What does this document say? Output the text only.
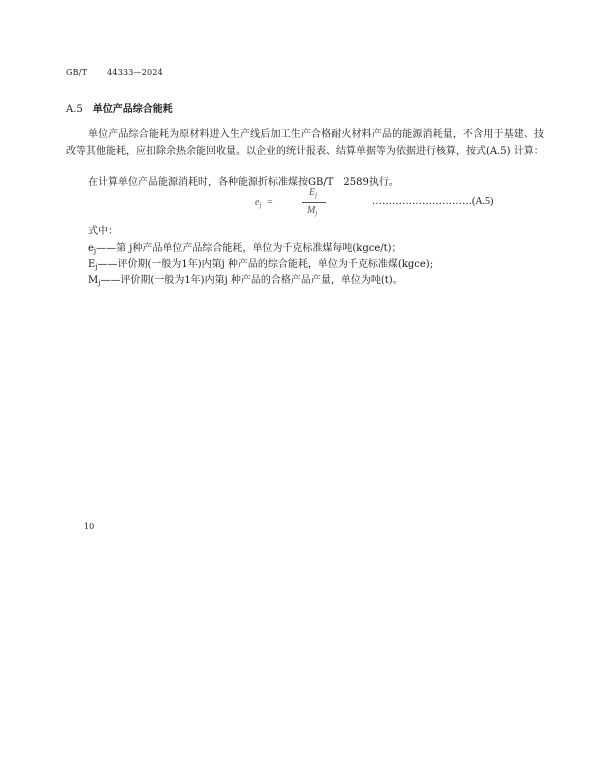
GB/T	44333—2024
A.5 单位产品综合能耗
单位产品综合能耗为原材料进入生产线后加工生产合格耐火材料产品的能源消耗量，不含用于基建、技改等其他能耗，应扣除余热余能回收量。以企业的统计报表、结算单据等为依据进行核算，按式(A.5) 计算：
在计算单位产品能源消耗时，各种能源折标准煤按GB/T　2589执行。
$e_j$ =
$E_j$
$M_j$
…………………………(A.5)
式中：
$e_j——$第 j种产品单位产品综合能耗，单位为千克标准煤每吨(kgce/t)；
$E_j——$评价期(一般为1年)内第j 种产品的综合能耗，单位为千克标准煤(kgce);
$M_j——$评价期(一般为1年)内第j 种产品的合格产品产量，单位为吨(t)。
10
